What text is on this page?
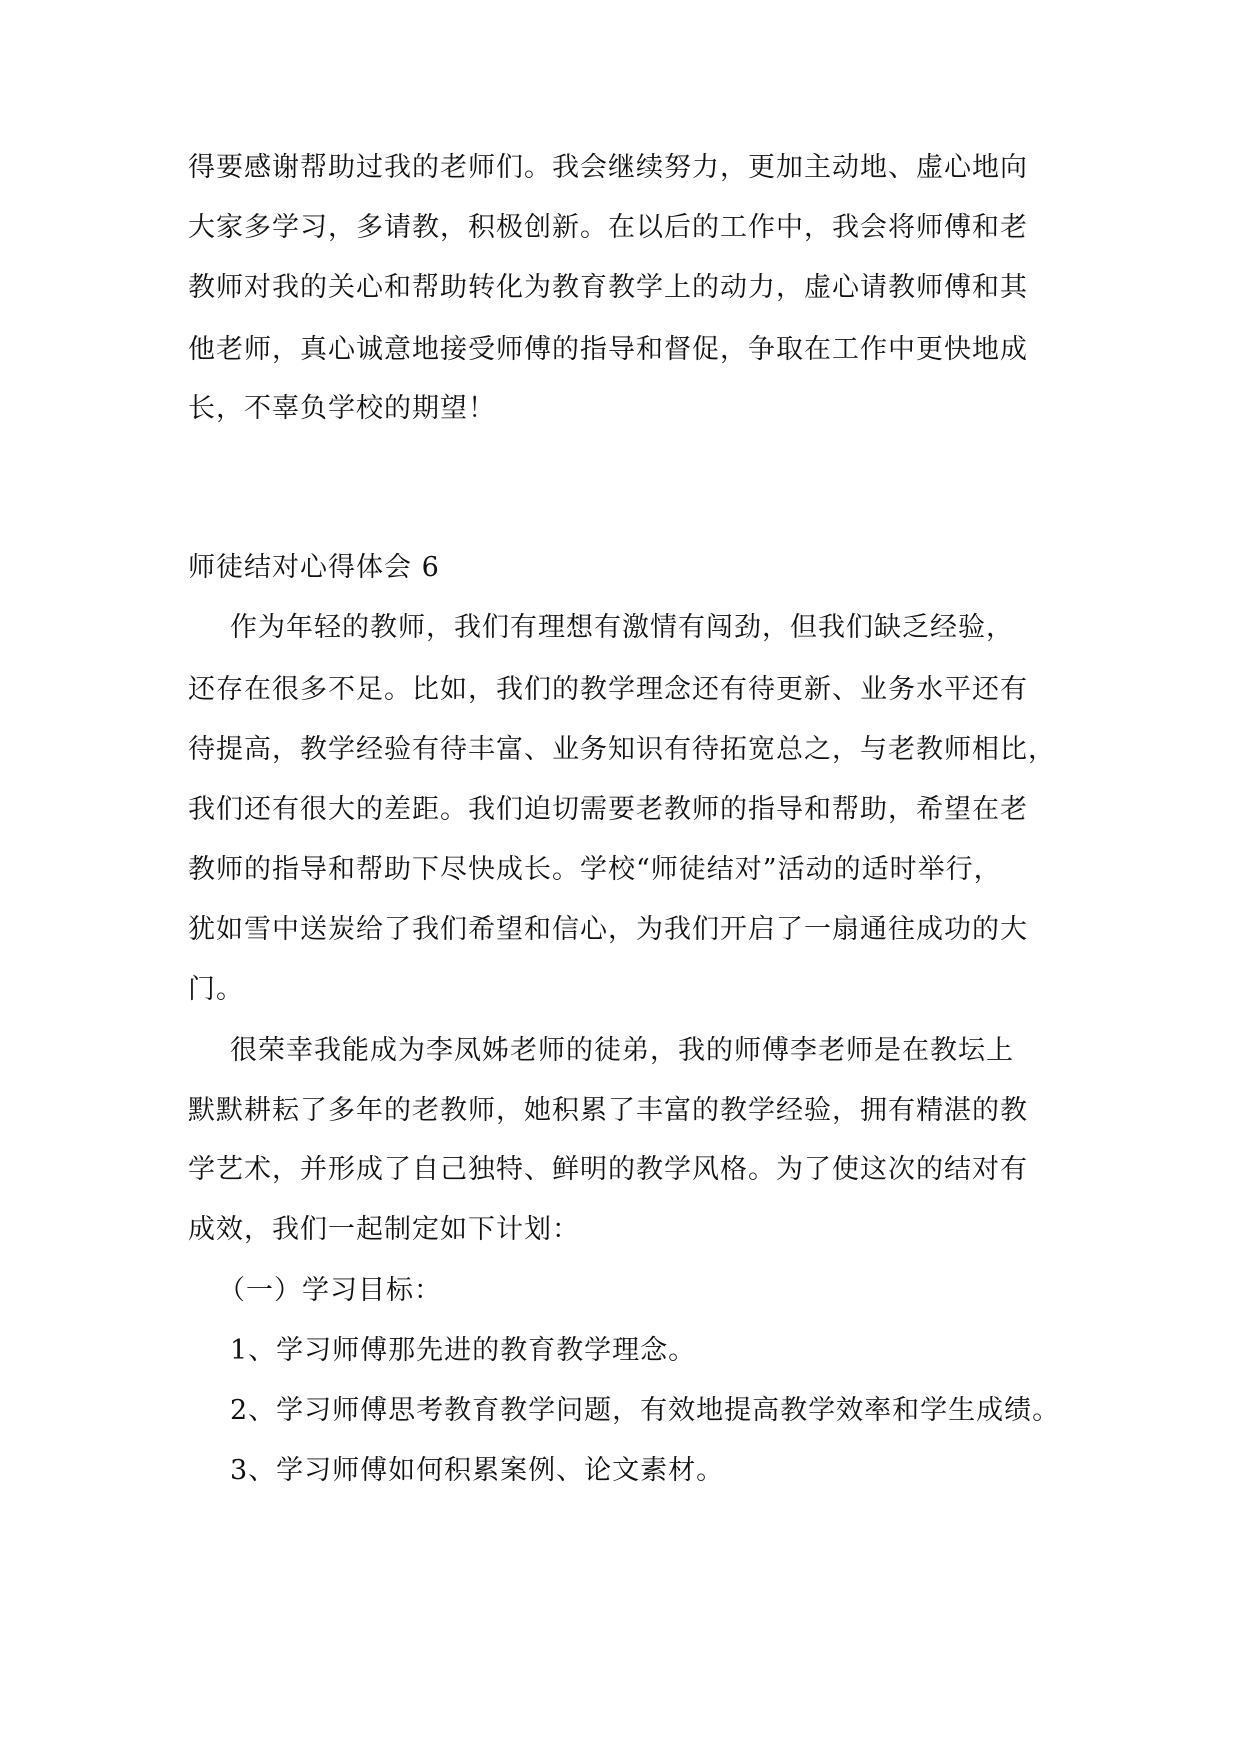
得要感谢帮助过我的老师们。我会继续努力，更加主动地、虚心地向
大家多学习，多请教，积极创新。在以后的工作中，我会将师傅和老
教师对我的关心和帮助转化为教育教学上的动力，虚心请教师傅和其
他老师，真心诚意地接受师傅的指导和督促，争取在工作中更快地成
长，不辜负学校的期望！
师徒结对心得体会 6
作为年轻的教师，我们有理想有激情有闯劲，但我们缺乏经验，
还存在很多不足。比如，我们的教学理念还有待更新、业务水平还有
待提高，教学经验有待丰富、业务知识有待拓宽总之，与老教师相比，
我们还有很大的差距。我们迫切需要老教师的指导和帮助，希望在老
教师的指导和帮助下尽快成长。学校“师徒结对”活动的适时举行，
犹如雪中送炭给了我们希望和信心，为我们开启了一扇通往成功的大
门。
很荣幸我能成为李凤姊老师的徒弟，我的师傅李老师是在教坛上
默默耕耘了多年的老教师，她积累了丰富的教学经验，拥有精湛的教
学艺术，并形成了自己独特、鲜明的教学风格。为了使这次的结对有
成效，我们一起制定如下计划：
（一）学习目标：
1、学习师傅那先进的教育教学理念。
2、学习师傅思考教育教学问题，有效地提高教学效率和学生成绩。
3、学习师傅如何积累案例、论文素材。
